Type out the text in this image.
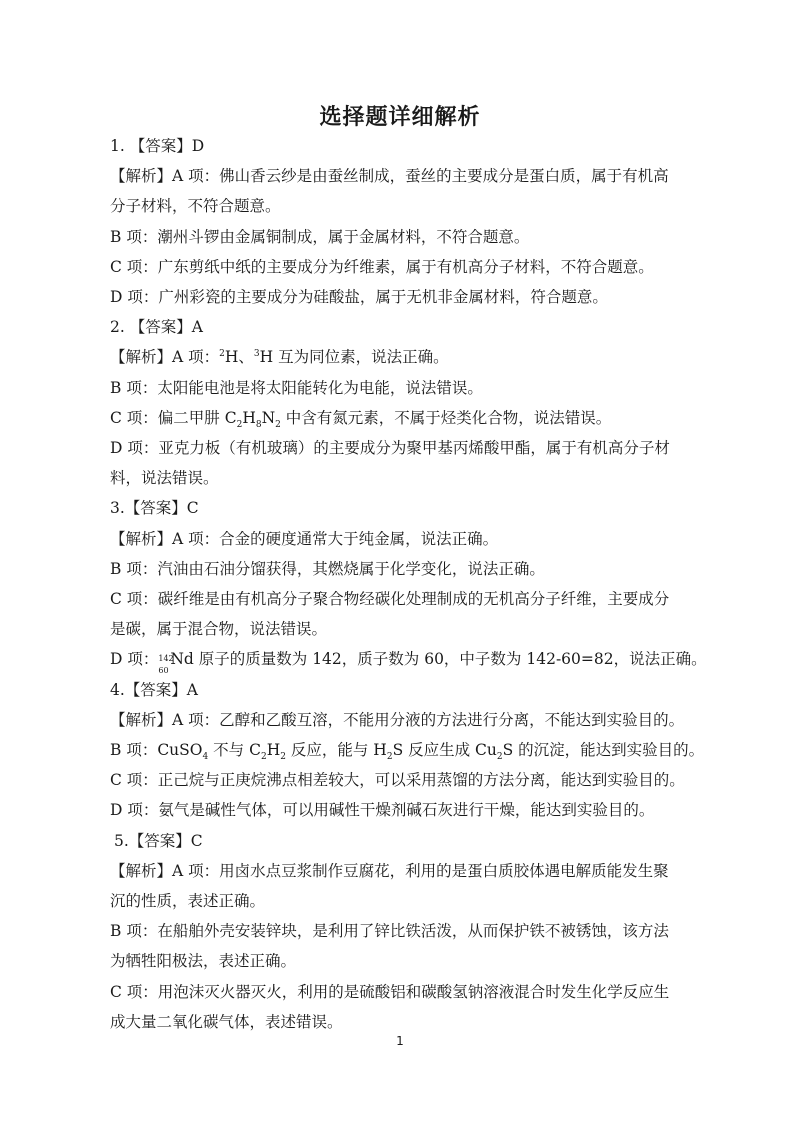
选择题详细解析
1. 【答案】D
【解析】A 项：佛山香云纱是由蚕丝制成，蚕丝的主要成分是蛋白质，属于有机高
分子材料，不符合题意。
B 项：潮州斗锣由金属铜制成，属于金属材料，不符合题意。
C 项：广东剪纸中纸的主要成分为纤维素，属于有机高分子材料，不符合题意。
D 项：广州彩瓷的主要成分为硅酸盐，属于无机非金属材料，符合题意。
2. 【答案】A
【解析】A 项：$^2$H、$^3$H 互为同位素，说法正确。
B 项：太阳能电池是将太阳能转化为电能，说法错误。
C 项：偏二甲肼 $C_2H_8N_2$ 中含有氮元素，不属于烃类化合物，说法错误。
D 项：亚克力板（有机玻璃）的主要成分为聚甲基丙烯酸甲酯，属于有机高分子材
料，说法错误。
3.【答案】C
【解析】A 项：合金的硬度通常大于纯金属，说法正确。
B 项：汽油由石油分馏获得，其燃烧属于化学变化，说法正确。
C 项：碳纤维是由有机高分子聚合物经碳化处理制成的无机高分子纤维，主要成分
是碳，属于混合物，说法错误。
D 项： 142
60
Nd 原子的质量数为 142，质子数为 60，中子数为 142-60=82，说法正确。
4.【答案】A
【解析】A 项：乙醇和乙酸互溶，不能用分液的方法进行分离，不能达到实验目的。
B 项：CuSO$_4$ 不与 $C_2H_2$ 反应，能与 $H_2S$ 反应生成 $Cu_2S$ 的沉淀，能达到实验目的。
C 项：正己烷与正庚烷沸点相差较大，可以采用蒸馏的方法分离，能达到实验目的。
D 项：氨气是碱性气体，可以用碱性干燥剂碱石灰进行干燥，能达到实验目的。
5.【答案】C
【解析】A 项：用卤水点豆浆制作豆腐花，利用的是蛋白质胶体遇电解质能发生聚
沉的性质，表述正确。
B 项：在船舶外壳安装锌块，是利用了锌比铁活泼，从而保护铁不被锈蚀，该方法
为牺牲阳极法，表述正确。
C 项：用泡沫灭火器灭火，利用的是硫酸铝和碳酸氢钠溶液混合时发生化学反应生
成大量二氧化碳气体，表述错误。
1
